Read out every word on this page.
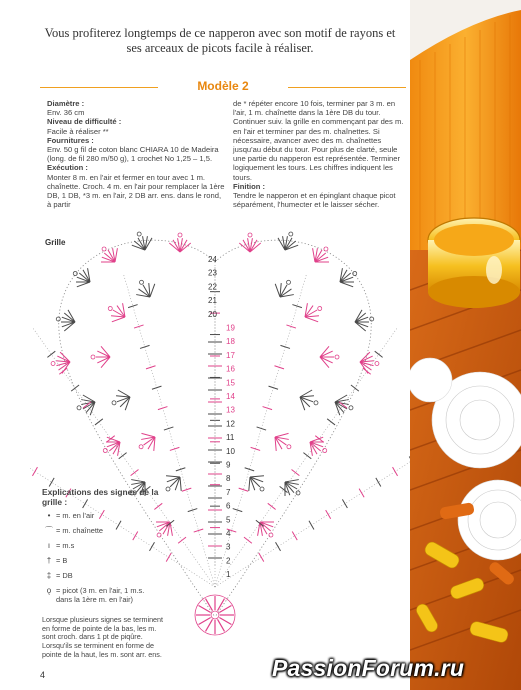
Vous profiterez longtemps de ce napperon avec son motif de rayons et ses arceaux de picots facile à réaliser.
Modèle 2
Diamètre :
Env. 36 cm
Niveau de difficulté :
Facile à réaliser **
Fournitures :
Env. 50 g fil de coton blanc CHIARA 10 de Madeira (long. de fil 280 m/50 g), 1 crochet No 1,25 – 1,5.
Exécution :
Monter 8 m. en l'air et fermer en tour avec 1 m. chaînette. Croch. 4 m. en l'air pour remplacer la 1ère DB, 1 DB, *3 m. en l'air, 2 DB arr. ens. dans le rond, à partir
de * répéter encore 10 fois, terminer par 3 m. en l'air, 1 m. chaînette dans la 1ère DB du tour. Continuer suiv. la grille en commençant par des m. en l'air et terminer par des m. chaînettes. Si nécessaire, avancer avec des m. chaînettes jusqu'au début du tour. Pour plus de clarté, seule une partie du napperon est représentée. Terminer logiquement les tours. Les chiffres indiquent les tours.
Finition :
Tendre le napperon et en épinglant chaque picot séparément, l'humecter et le laisser sécher.
Grille
24
23
22
21
20
19
18
17
16
15
14
13
12
11
10
9
8
7
6
5
4
3
2
1
Explications des signes de la grille :
• = m. en l'air
⌒ = m. chaînette
ı = m.s
† = B
‡ = DB
ǫ = picot (3 m. en l'air, 1 m.s. dans la 1ère m. en l'air)
Lorsque plusieurs signes se terminent en forme de pointe de la bas, les m. sont croch. dans 1 pt de piqûre. Lorsqu'ils se terminent en forme de pointe de la haut, les m. sont arr. ens.
4	PassionForum.ru
